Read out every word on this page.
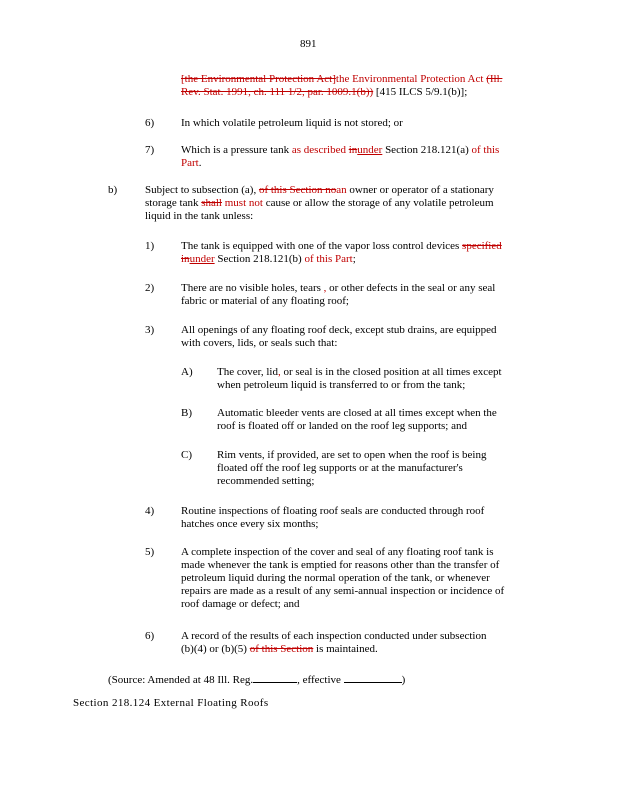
891
[the Environmental Protection Act]the Environmental Protection Act (Ill.
Rev. Stat. 1991, ch. 111 1/2, par. 1009.1(b)) [415 ILCS 5/9.1(b)];
6) In which volatile petroleum liquid is not stored; or
7) Which is a pressure tank as described inunder Section 218.121(a) of this
Part.
b)	Subject to subsection (a), of this Section noan owner or operator of a stationary
storage tank shall must not cause or allow the storage of any volatile petroleum
liquid in the tank unless:
1) The tank is equipped with one of the vapor loss control devices specified
inunder Section 218.121(b) of this Part;
2) There are no visible holes, tears , or other defects in the seal or any seal
fabric or material of any floating roof;
3) All openings of any floating roof deck, except stub drains, are equipped
with covers, lids, or seals such that:
A) The cover, lid, or seal is in the closed position at all times except
when petroleum liquid is transferred to or from the tank;
B) Automatic bleeder vents are closed at all times except when the
roof is floated off or landed on the roof leg supports; and
C) Rim vents, if provided, are set to open when the roof is being
floated off the roof leg supports or at the manufacturer's
recommended setting;
4) Routine inspections of floating roof seals are conducted through roof
hatches once every six months;
5) A complete inspection of the cover and seal of any floating roof tank is
made whenever the tank is emptied for reasons other than the transfer of
petroleum liquid during the normal operation of the tank, or whenever
repairs are made as a result of any semi-annual inspection or incidence of
roof damage or defect; and
6) A record of the results of each inspection conducted under subsection
(b)(4) or (b)(5) of this Section is maintained.
(Source: Amended at 48 Ill. Reg.	, effective	)
Section 218.124 External Floating Roofs
